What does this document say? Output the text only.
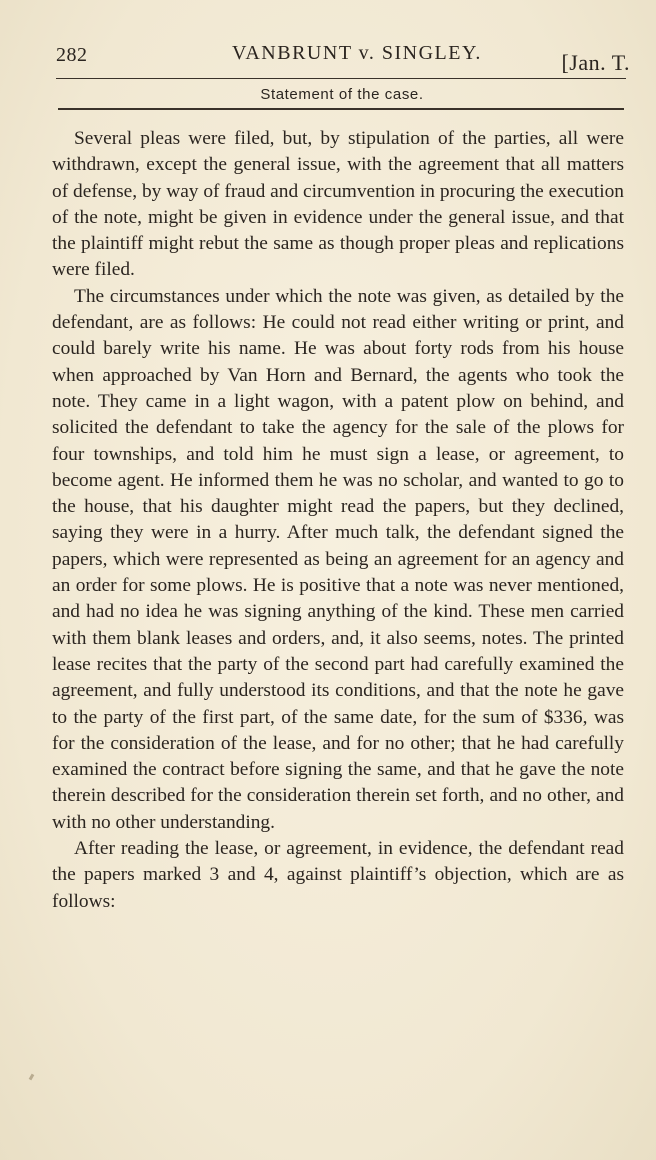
282	VANBRUNT v. SINGLEY.	[Jan. T.
Statement of the case.

Several pleas were filed, but, by stipulation of the parties, all were withdrawn, except the general issue, with the agreement that all matters of defense, by way of fraud and circumvention in procuring the execution of the note, might be given in evidence under the general issue, and that the plaintiff might rebut the same as though proper pleas and replications were filed.

The circumstances under which the note was given, as detailed by the defendant, are as follows: He could not read either writing or print, and could barely write his name. He was about forty rods from his house when approached by Van Horn and Bernard, the agents who took the note. They came in a light wagon, with a patent plow on behind, and solicited the defendant to take the agency for the sale of the plows for four townships, and told him he must sign a lease, or agreement, to become agent. He informed them he was no scholar, and wanted to go to the house, that his daughter might read the papers, but they declined, saying they were in a hurry. After much talk, the defendant signed the papers, which were represented as being an agreement for an agency and an order for some plows. He is positive that a note was never mentioned, and had no idea he was signing anything of the kind. These men carried with them blank leases and orders, and, it also seems, notes. The printed lease recites that the party of the second part had carefully examined the agreement, and fully understood its conditions, and that the note he gave to the party of the first part, of the same date, for the sum of $336, was for the consideration of the lease, and for no other; that he had carefully examined the contract before signing the same, and that he gave the note therein described for the consideration therein set forth, and no other, and with no other understanding.

After reading the lease, or agreement, in evidence, the defendant read the papers marked 3 and 4, against plaintiff’s objection, which are as follows:
